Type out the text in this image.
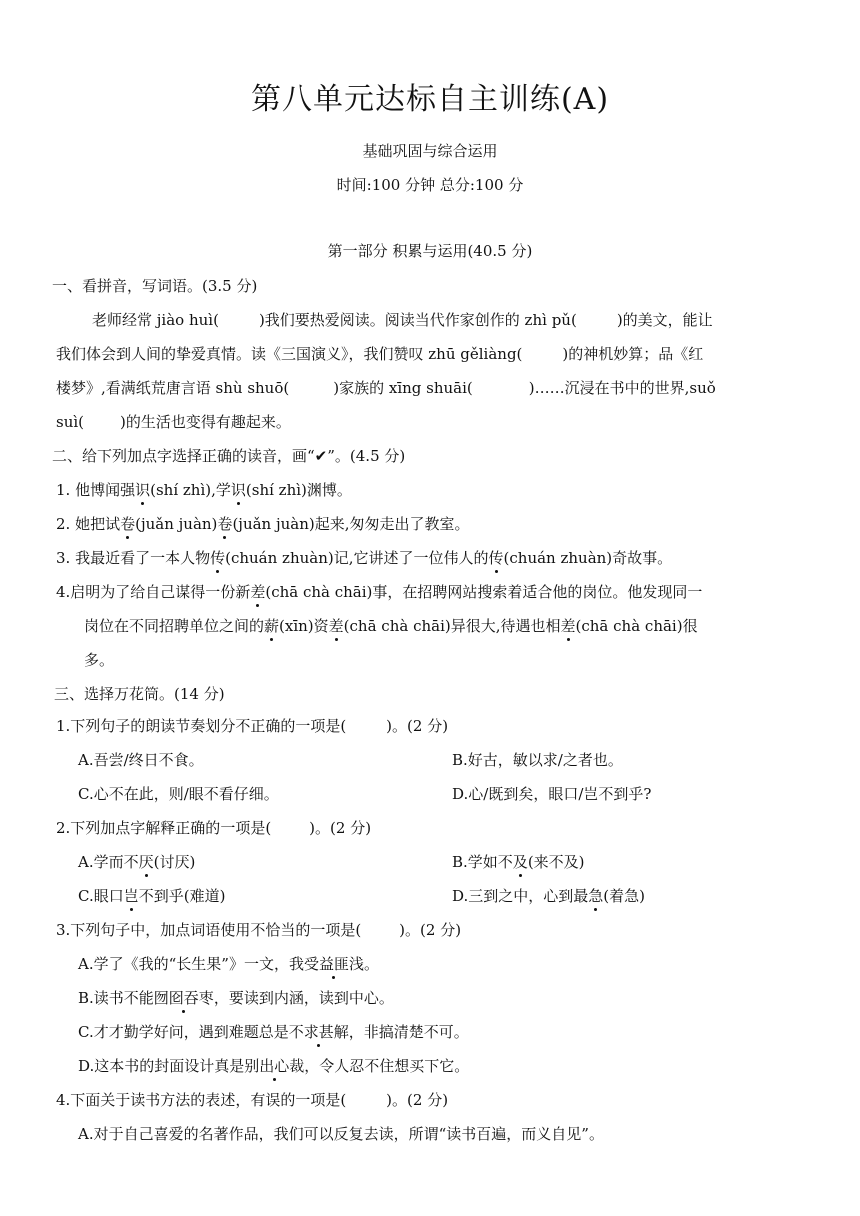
第八单元达标自主训练(A)
基础巩固与综合运用
时间:100 分钟 总分:100 分
第一部分 积累与运用(40.5 分)
一、看拼音，写词语。(3.5 分)
老师经常 jiào huì(	)我们要热爱阅读。阅读当代作家创作的 zhì pǔ(	)的美文，能让
我们体会到人间的挚爱真情。读《三国演义》，我们赞叹 zhū gěliàng(	)的神机妙算；品《红
楼梦》,看满纸荒唐言语 shù shuō(	)家族的 xīng shuāi(	)……沉浸在书中的世界,suǒ
suì( )的生活也变得有趣起来。
二、给下列加点字选择正确的读音，画“✔”。(4.5 分)
1. 他博闻强识(shí zhì),学识(shí zhì)渊博。
2. 她把试卷(juǎn juàn)卷(juǎn juàn)起来,匆匆走出了教室。
3. 我最近看了一本人物传(chuán zhuàn)记,它讲述了一位伟人的传(chuán zhuàn)奇故事。
4.启明为了给自己谋得一份新差(chā chà chāi)事，在招聘网站搜索着适合他的岗位。他发现同一
岗位在不同招聘单位之间的薪(xīn)资差(chā chà chāi)异很大,待遇也相差(chā chà chāi)很
多。
三、选择万花筒。(14 分)
1.下列句子的朗读节奏划分不正确的一项是(	)。(2 分)
A.吾尝/终日不食。	B.好古，敏以求/之者也。
C.心不在此，则/眼不看仔细。	D.心/既到矣，眼口/岂不到乎?
2.下列加点字解释正确的一项是(	)。(2 分)
A.学而不厌(讨厌)	B.学如不及(来不及)
C.眼口岂不到乎(难道)	D.三到之中，心到最急(着急)
3.下列句子中，加点词语使用不恰当的一项是(	)。(2 分)
A.学了《我的“长生果”》一文，我受益匪浅。
B.读书不能囫囵吞枣，要读到内涵，读到中心。
C.才才勤学好问，遇到难题总是不求甚解，非搞清楚不可。
D.这本书的封面设计真是别出心裁，令人忍不住想买下它。
4.下面关于读书方法的表述，有误的一项是(	)。(2 分)
A.对于自己喜爱的名著作品，我们可以反复去读，所谓“读书百遍，而义自见”。
